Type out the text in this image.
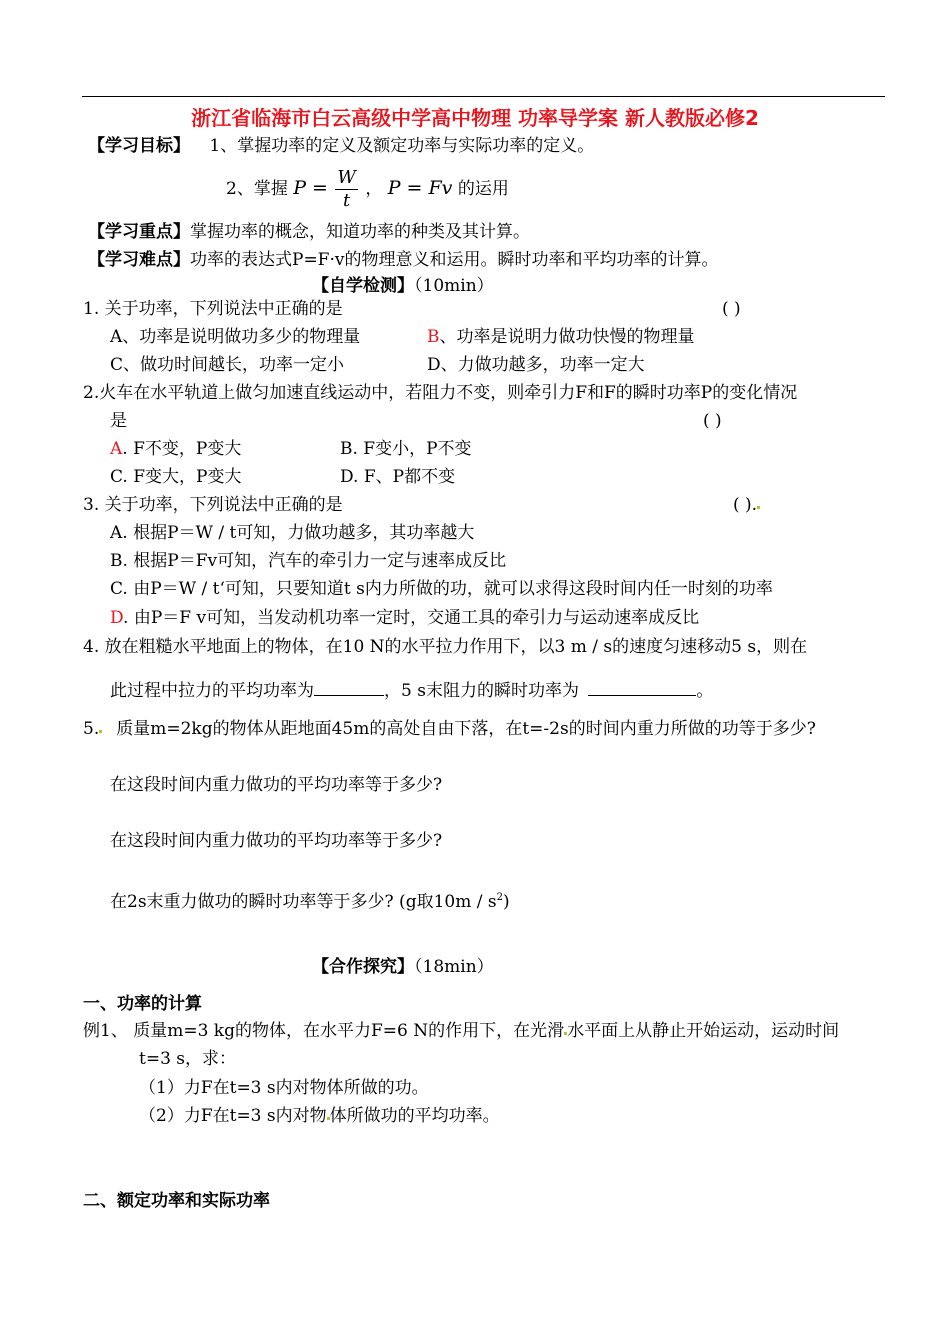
浙江省临海市白云高级中学高中物理 功率导学案 新人教版必修2
【学习目标】 1、掌握功率的定义及额定功率与实际功率的定义。
2、掌握 $P = \frac{W}{t}$ ， P = Fv 的运用
【学习重点】掌握功率的概念，知道功率的种类及其计算。
【学习难点】功率的表达式P=F·v的物理意义和运用。瞬时功率和平均功率的计算。
【自学检测】（10min）
1. 关于功率，下列说法中正确的是	( )
A、功率是说明做功多少的物理量	B、功率是说明力做功快慢的物理量
C、做功时间越长，功率一定小	D、力做功越多，功率一定大
2.火车在水平轨道上做匀加速直线运动中，若阻力不变，则牵引力F和F的瞬时功率P的变化情况
是	( )
A. F不变，P变大	B. F变小，P不变
C. F变大，P变大	D. F、P都不变
3. 关于功率，下列说法中正确的是	( ).
A. 根据P＝W / t可知，力做功越多，其功率越大
B. 根据P＝Fv可知，汽车的牵引力一定与速率成反比
C. 由P＝W / t‘可知，只要知道t s内力所做的功，就可以求得这段时间内任一时刻的功率
D. 由P＝F v可知，当发动机功率一定时，交通工具的牵引力与运动速率成反比
4. 放在粗糙水平地面上的物体，在10 N的水平拉力作用下，以3 m / s的速度匀速移动5 s，则在
此过程中拉力的平均功率为	，5 s末阻力的瞬时功率为	。
5. 质量m=2kg的物体从距地面45m的高处自由下落，在t=-2s的时间内重力所做的功等于多少?
在这段时间内重力做功的平均功率等于多少?
在这段时间内重力做功的平均功率等于多少?
在2s末重力做功的瞬时功率等于多少? (g取$10m / s^2$)
【合作探究】（18min）
一、功率的计算
例1、 质量m=3 kg的物体，在水平力F=6 N的作用下，在光滑 水平面上从静止开始运动，运动时间
t=3 s，求：
（1）力F在t=3 s内对物体所做的功。
（2）力F在t=3 s内对物 体所做功的平均功率。
二、额定功率和实际功率
